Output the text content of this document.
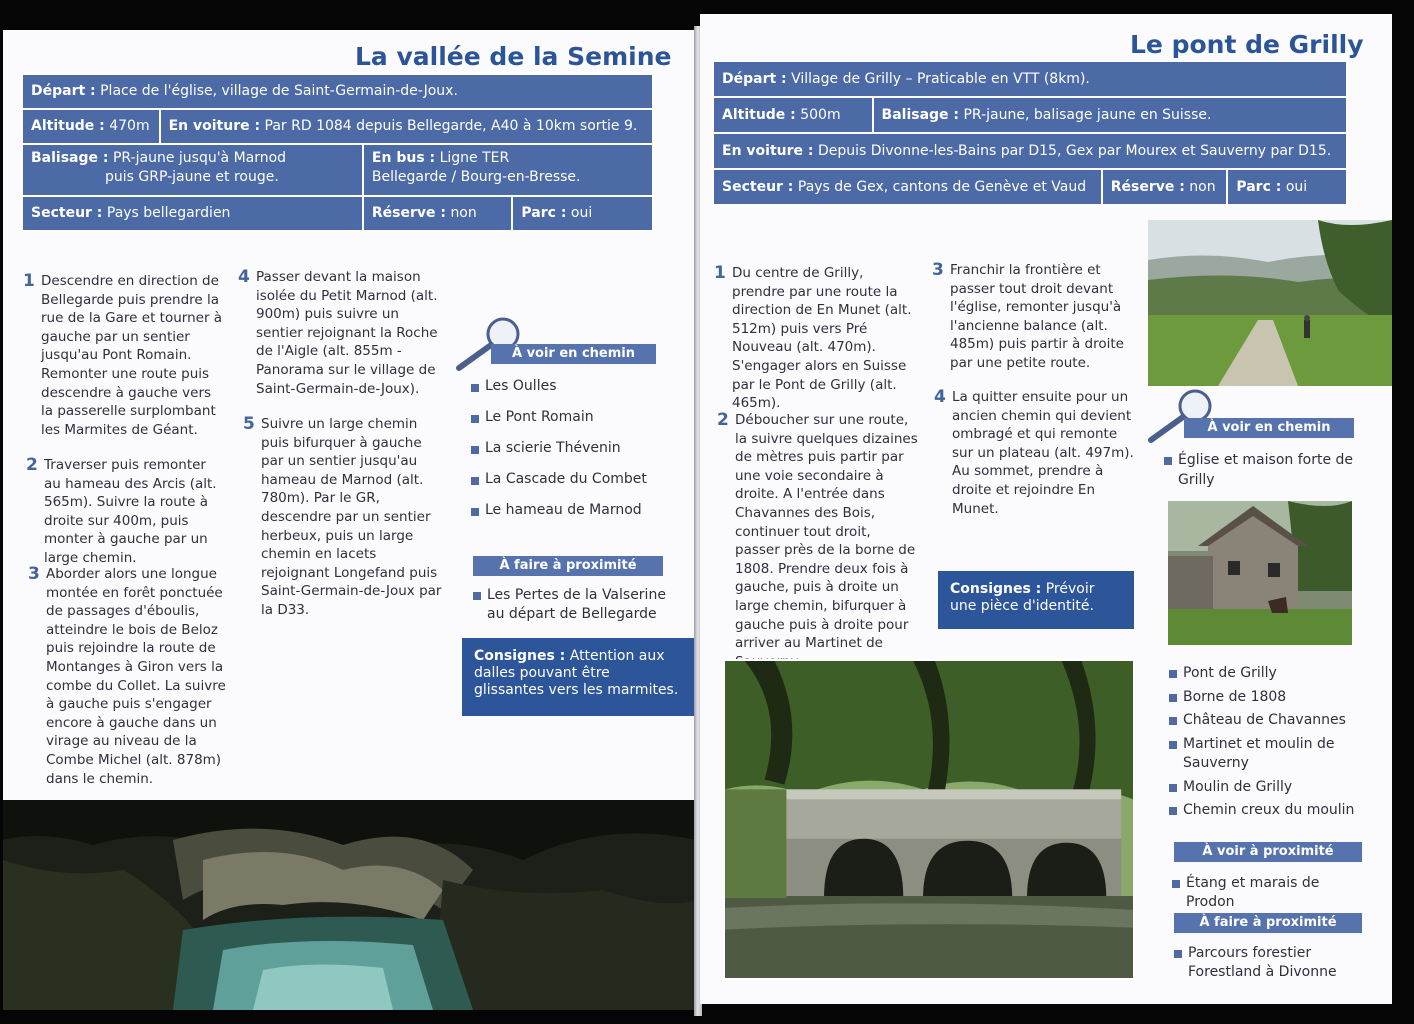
La vallée de la Semine
Départ : Place de l'église, village de Saint-Germain-de-Joux.
Altitude : 470m	En voiture : Par RD 1084 depuis Bellegarde, A40 à 10km sortie 9.
Balisage : PR-jaune jusqu'à Marnod
puis GRP-jaune et rouge.
En bus : Ligne TER
Bellegarde / Bourg-en-Bresse.
Secteur : Pays bellegardien	Réserve : non	Parc : oui
1 Descendre en direction de Bellegarde puis prendre la rue de la Gare et tourner à gauche par un sentier jusqu'au Pont Romain. Remonter une route puis descendre à gauche vers la passerelle surplombant les Marmites de Géant.
2 Traverser puis remonter au hameau des Arcis (alt. 565m). Suivre la route à droite sur 400m, puis monter à gauche par un large chemin.
3 Aborder alors une longue montée en forêt ponctuée de passages d'éboulis, atteindre le bois de Beloz puis rejoindre la route de Montanges à Giron vers la combe du Collet. La suivre à gauche puis s'engager encore à gauche dans un virage au niveau de la Combe Michel (alt. 878m) dans le chemin.
4 Passer devant la maison isolée du Petit Marnod (alt. 900m) puis suivre un sentier rejoignant la Roche de l'Aigle (alt. 855m - Panorama sur le village de Saint-Germain-de-Joux).
5 Suivre un large chemin puis bifurquer à gauche par un sentier jusqu'au hameau de Marnod (alt. 780m). Par le GR, descendre par un sentier herbeux, puis un large chemin en lacets rejoignant Longefand puis Saint-Germain-de-Joux par la D33.
À voir en chemin
Les Oulles
Le Pont Romain
La scierie Thévenin
La Cascade du Combet
Le hameau de Marnod
À faire à proximité
Les Pertes de la Valserine au départ de Bellegarde
Consignes : Attention aux dalles pouvant être glissantes vers les marmites.
Le pont de Grilly
Départ : Village de Grilly – Praticable en VTT (8km).
Altitude : 500m	Balisage : PR-jaune, balisage jaune en Suisse.
En voiture : Depuis Divonne-les-Bains par D15, Gex par Mourex et Sauverny par D15.
Secteur : Pays de Gex, cantons de Genève et Vaud	Réserve : non	Parc : oui
1 Du centre de Grilly, prendre par une route la direction de En Munet (alt. 512m) puis vers Pré Nouveau (alt. 470m). S'engager alors en Suisse par le Pont de Grilly (alt. 465m).
2 Déboucher sur une route, la suivre quelques dizaines de mètres puis partir par une voie secondaire à droite. A l'entrée dans Chavannes des Bois, continuer tout droit, passer près de la borne de 1808. Prendre deux fois à gauche, puis à droite un large chemin, bifurquer à gauche puis à droite pour arriver au Martinet de
3 Franchir la frontière et passer tout droit devant l'église, remonter jusqu'à l'ancienne balance (alt. 485m) puis partir à droite par une petite route.
4 La quitter ensuite pour un ancien chemin qui devient ombragé et qui remonte sur un plateau (alt. 497m). Au sommet, prendre à droite et rejoindre En Munet.
Consignes : Prévoir une pièce d'identité.
À voir en chemin
Église et maison forte de Grilly
Pont de Grilly
Borne de 1808
Château de Chavannes
Martinet et moulin de Sauverny
Moulin de Grilly
Chemin creux du moulin
À voir à proximité
Étang et marais de Prodon
À faire à proximité
Parcours forestier Forestland à Divonne
